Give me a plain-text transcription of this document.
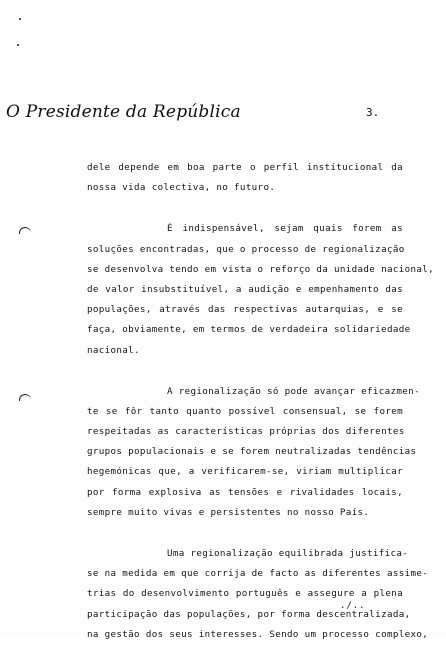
O Presidente da República	3.
dele depende em boa parte o perfil institucional da
nossa vida colectiva, no futuro.
É indispensável, sejam quais forem as
soluções encontradas, que o processo de regionalização
se desenvolva tendo em vista o reforço da unidade nacional,
de valor insubstituível, a audição e empenhamento das
populações, através das respectivas autarquias, e se
faça, obviamente, em termos de verdadeira solidariedade
nacional.
A regionalização só pode avançar eficazmen-
te se fôr tanto quanto possível consensual, se forem
respeitadas as características próprias dos diferentes
grupos populacionais e se forem neutralizadas tendências
hegemónicas que, a verificarem-se, viriam multiplicar
por forma explosiva as tensões e rivalidades locais,
sempre muito vivas e persistentes no nosso País.
Uma regionalização equilibrada justifica-
se na medida em que corrija de facto as diferentes assime-
trias do desenvolvimento português e assegure a plena
participação das populações, por forma descentralizada,
na gestão dos seus interesses. Sendo um processo complexo,
./..
